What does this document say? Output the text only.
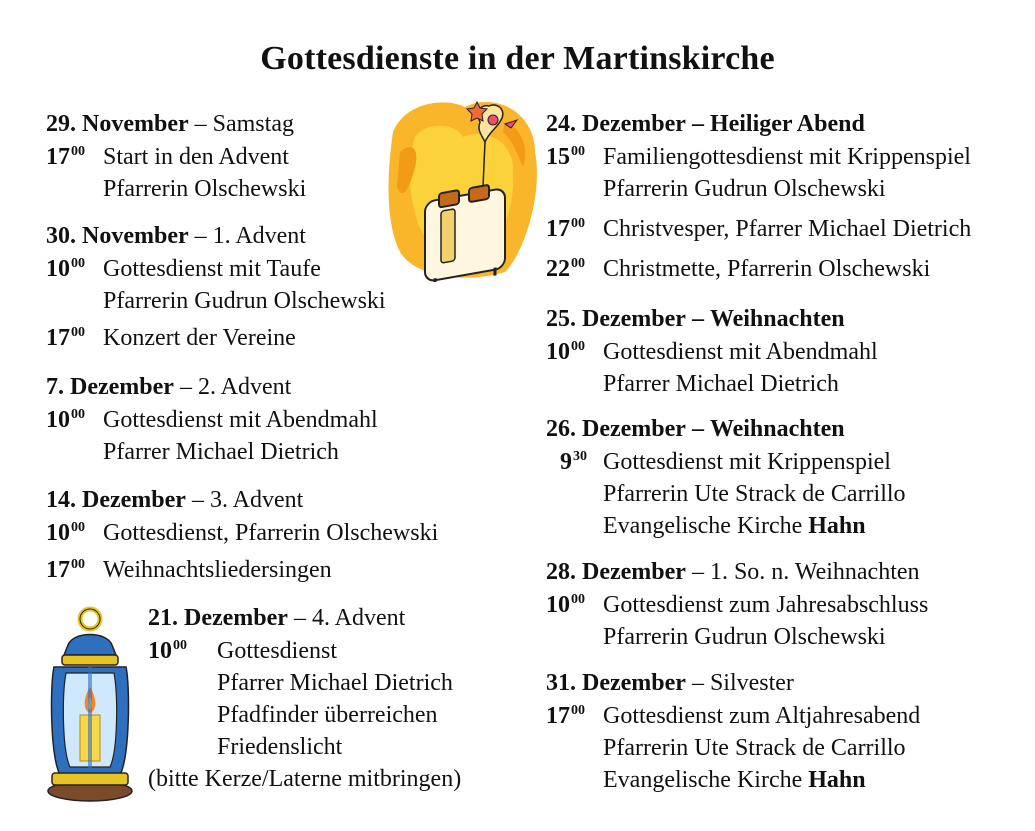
Gottesdienste in der Martinskirche
29. November – Samstag
$17^{00}$ Start in den Advent
Pfarrerin Olschewski
30. November – 1. Advent
$10^{00}$ Gottesdienst mit Taufe
Pfarrerin Gudrun Olschewski
$17^{00}$ Konzert der Vereine
7. Dezember – 2. Advent
$10^{00}$ Gottesdienst mit Abendmahl
Pfarrer Michael Dietrich
14. Dezember – 3. Advent
$10^{00}$ Gottesdienst, Pfarrerin Olschewski
$17^{00}$ Weihnachtsliedersingen
21. Dezember – 4. Advent
$10^{00}$	Gottesdienst
Pfarrer Michael Dietrich
Pfadfinder überreichen
Friedenslicht
(bitte Kerze/Laterne mitbringen)
24. Dezember – Heiliger Abend
$15^{00}$ Familiengottesdienst mit Krippenspiel
Pfarrerin Gudrun Olschewski
$17^{00}$ Christvesper, Pfarrer Michael Dietrich
$22^{00}$ Christmette, Pfarrerin Olschewski
25. Dezember – Weihnachten
$10^{00}$ Gottesdienst mit Abendmahl
Pfarrer Michael Dietrich
26. Dezember – Weihnachten
$9^{30}$ Gottesdienst mit Krippenspiel
Pfarrerin Ute Strack de Carrillo
Evangelische Kirche Hahn
28. Dezember – 1. So. n. Weihnachten
$10^{00}$ Gottesdienst zum Jahresabschluss
Pfarrerin Gudrun Olschewski
31. Dezember – Silvester
$17^{00}$ Gottesdienst zum Altjahresabend
Pfarrerin Ute Strack de Carrillo
Evangelische Kirche Hahn
